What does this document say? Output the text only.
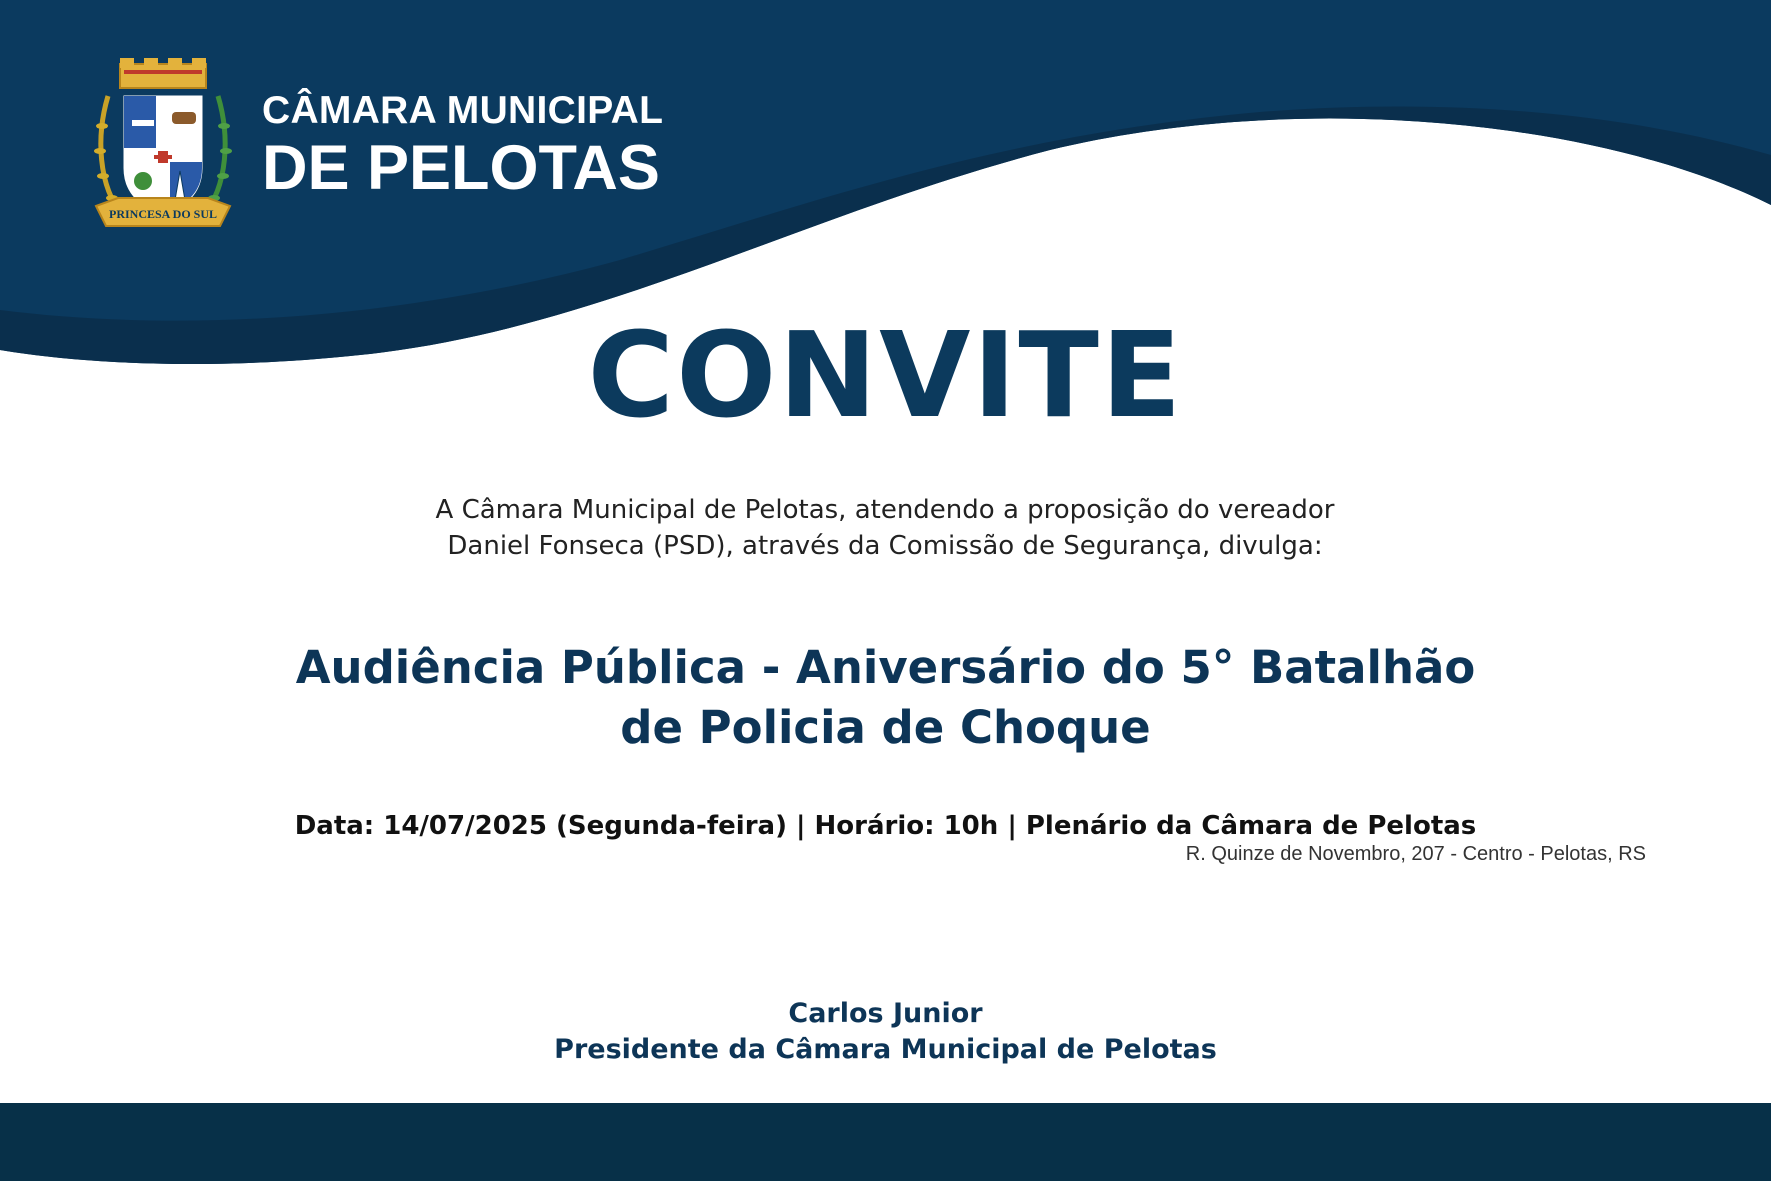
PRINCESA DO SUL
CÂMARA MUNICIPAL
DE PELOTAS
CONVITE
A Câmara Municipal de Pelotas, atendendo a proposição do vereador
Daniel Fonseca (PSD), através da Comissão de Segurança, divulga:
Audiência Pública - Aniversário do 5° Batalhão
de Policia de Choque
Data: 14/07/2025 (Segunda-feira) | Horário: 10h | Plenário da Câmara de Pelotas
R. Quinze de Novembro, 207 - Centro - Pelotas, RS
Carlos Junior
Presidente da Câmara Municipal de Pelotas
